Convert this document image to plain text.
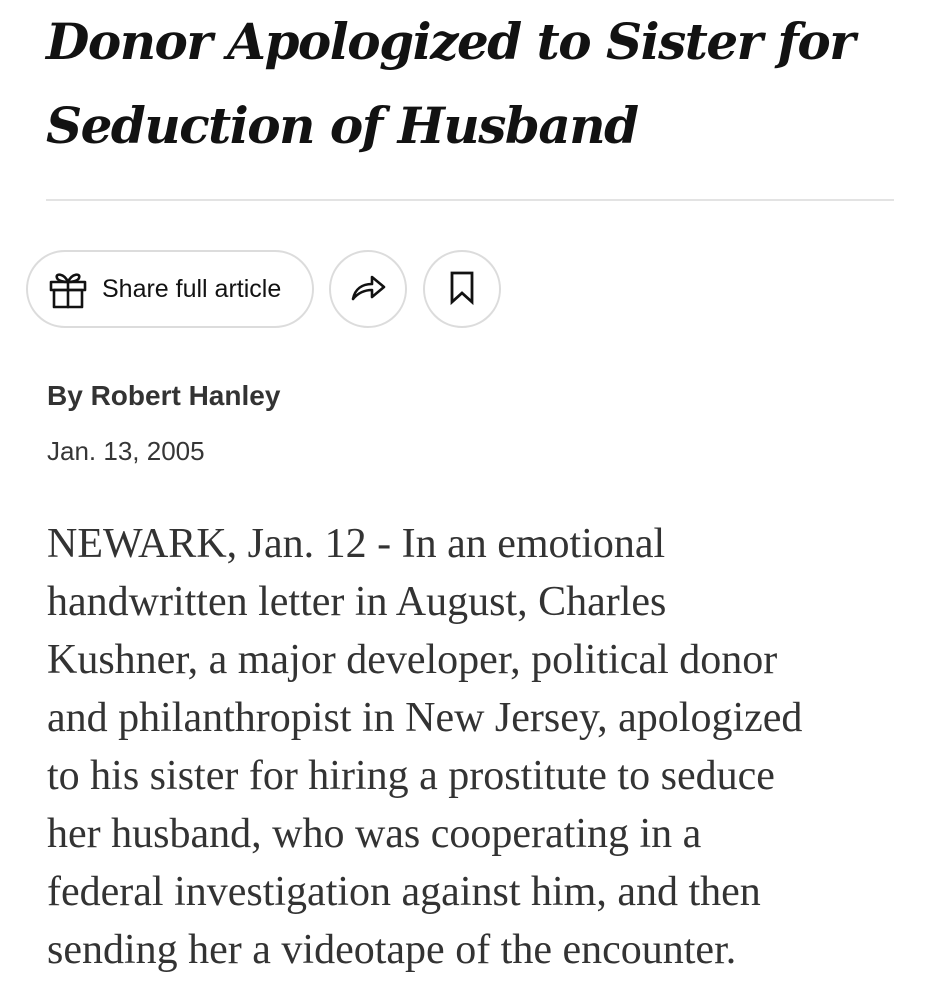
Donor Apologized to Sister for
Seduction of Husband
Share full article
By Robert Hanley
Jan. 13, 2005
NEWARK, Jan. 12 - In an emotional
handwritten letter in August, Charles
Kushner, a major developer, political donor
and philanthropist in New Jersey, apologized
to his sister for hiring a prostitute to seduce
her husband, who was cooperating in a
federal investigation against him, and then
sending her a videotape of the encounter.
